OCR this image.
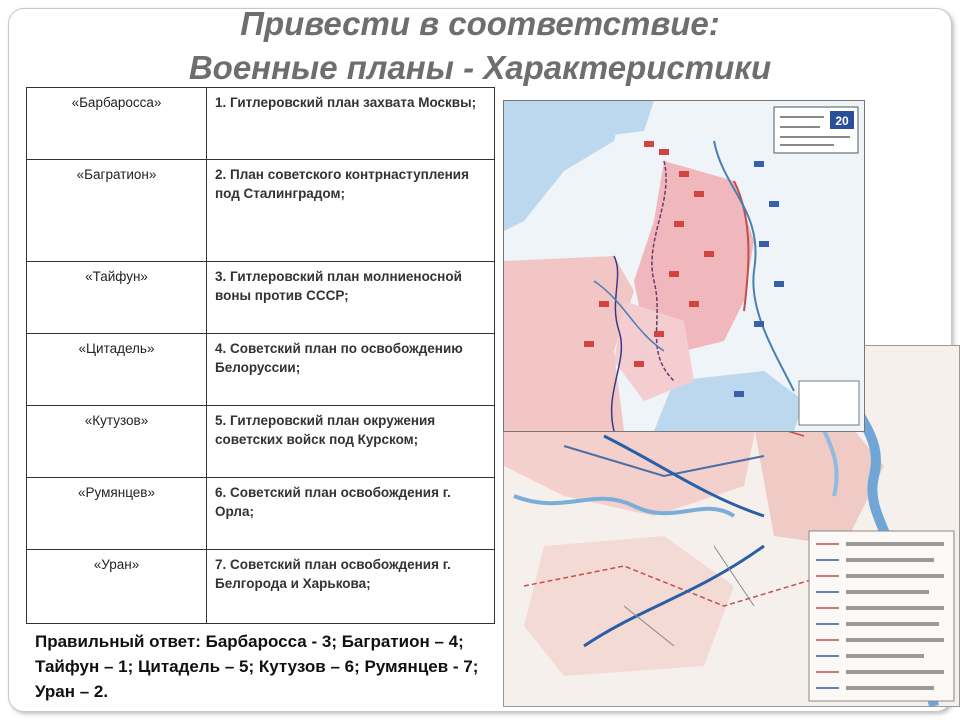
Привести в соответствие:
Военные планы - Характеристики
«Барбаросса»	1. Гитлеровский план захвата Москвы;
«Багратион»	2. План советского контрнаступления под Сталинградом;
«Тайфун»	3. Гитлеровский план молниеносной воны против СССР;
«Цитадель»	4. Советский план по освобождению Белоруссии;
«Кутузов»	5. Гитлеровский план окружения советских войск под Курском;
«Румянцев»	6. Советский план освобождения г. Орла;
«Уран»	7. Советский план освобождения г. Белгорода и Харькова;
Правильный ответ: Барбаросса - 3; Багратион – 4; Тайфун – 1; Цитадель – 5; Кутузов – 6; Румянцев - 7; Уран – 2.
20
